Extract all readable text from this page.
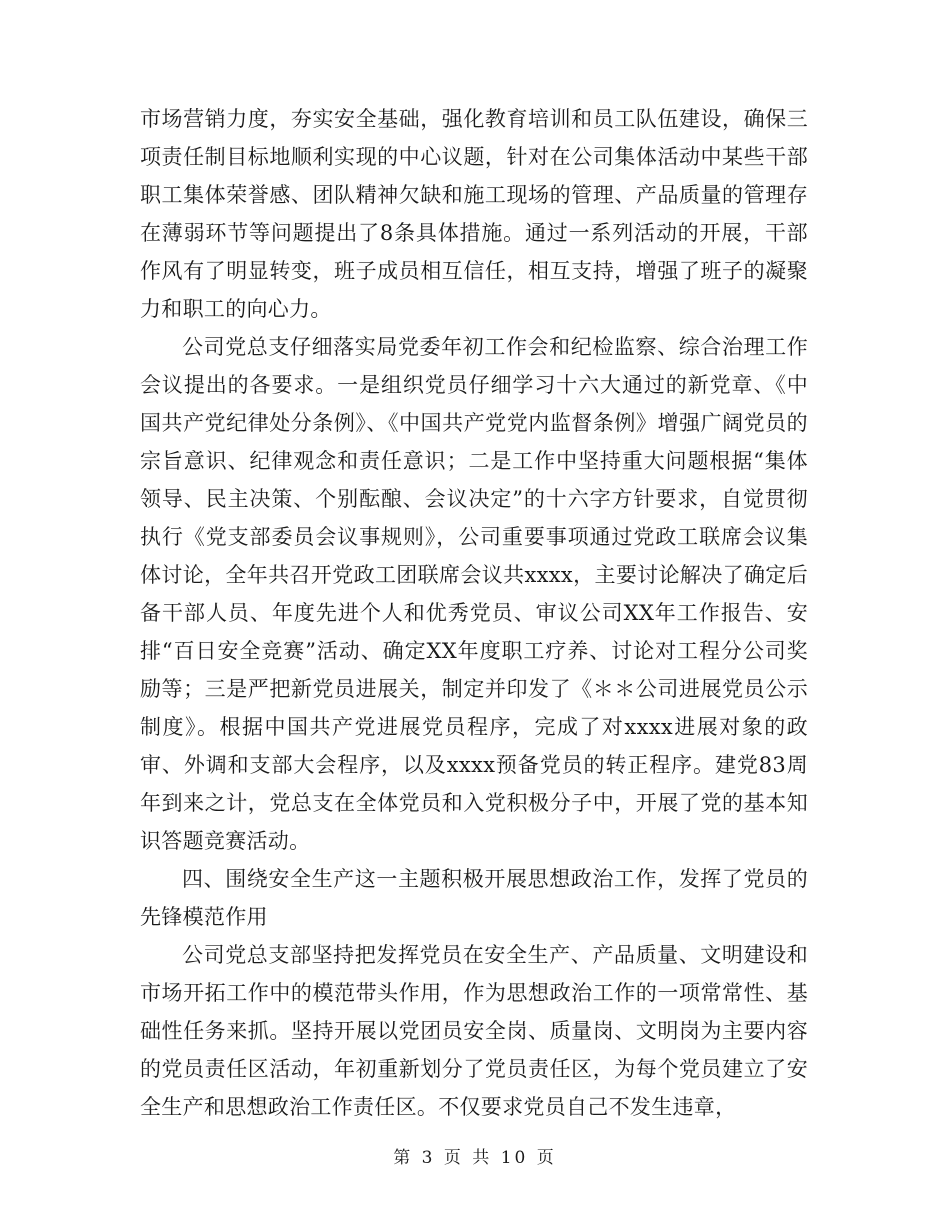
市场营销力度，夯实安全基础，强化教育培训和员工队伍建设，确保三项责任制目标地顺利实现的中心议题，针对在公司集体活动中某些干部职工集体荣誉感、团队精神欠缺和施工现场的管理、产品质量的管理存在薄弱环节等问题提出了8条具体措施。通过一系列活动的开展，干部作风有了明显转变，班子成员相互信任，相互支持，增强了班子的凝聚力和职工的向心力。

公司党总支仔细落实局党委年初工作会和纪检监察、综合治理工作会议提出的各要求。一是组织党员仔细学习十六大通过的新党章、《中国共产党纪律处分条例》、《中国共产党党内监督条例》增强广阔党员的宗旨意识、纪律观念和责任意识；二是工作中坚持重大问题根据“集体领导、民主决策、个别酝酿、会议决定”的十六字方针要求，自觉贯彻执行《党支部委员会议事规则》，公司重要事项通过党政工联席会议集体讨论，全年共召开党政工团联席会议共xxxx，主要讨论解决了确定后备干部人员、年度先进个人和优秀党员、审议公司XX年工作报告、安排“百日安全竞赛”活动、确定XX年度职工疗养、讨论对工程分公司奖励等；三是严把新党员进展关，制定并印发了《＊＊公司进展党员公示制度》。根据中国共产党进展党员程序，完成了对xxxx进展对象的政审、外调和支部大会程序，以及xxxx预备党员的转正程序。建党83周年到来之计，党总支在全体党员和入党积极分子中，开展了党的基本知识答题竞赛活动。

四、围绕安全生产这一主题积极开展思想政治工作，发挥了党员的先锋模范作用

公司党总支部坚持把发挥党员在安全生产、产品质量、文明建设和市场开拓工作中的模范带头作用，作为思想政治工作的一项常常性、基础性任务来抓。坚持开展以党团员安全岗、质量岗、文明岗为主要内容的党员责任区活动，年初重新划分了党员责任区，为每个党员建立了安全生产和思想政治工作责任区。不仅要求党员自己不发生违章，

第 3 页 共 10 页
